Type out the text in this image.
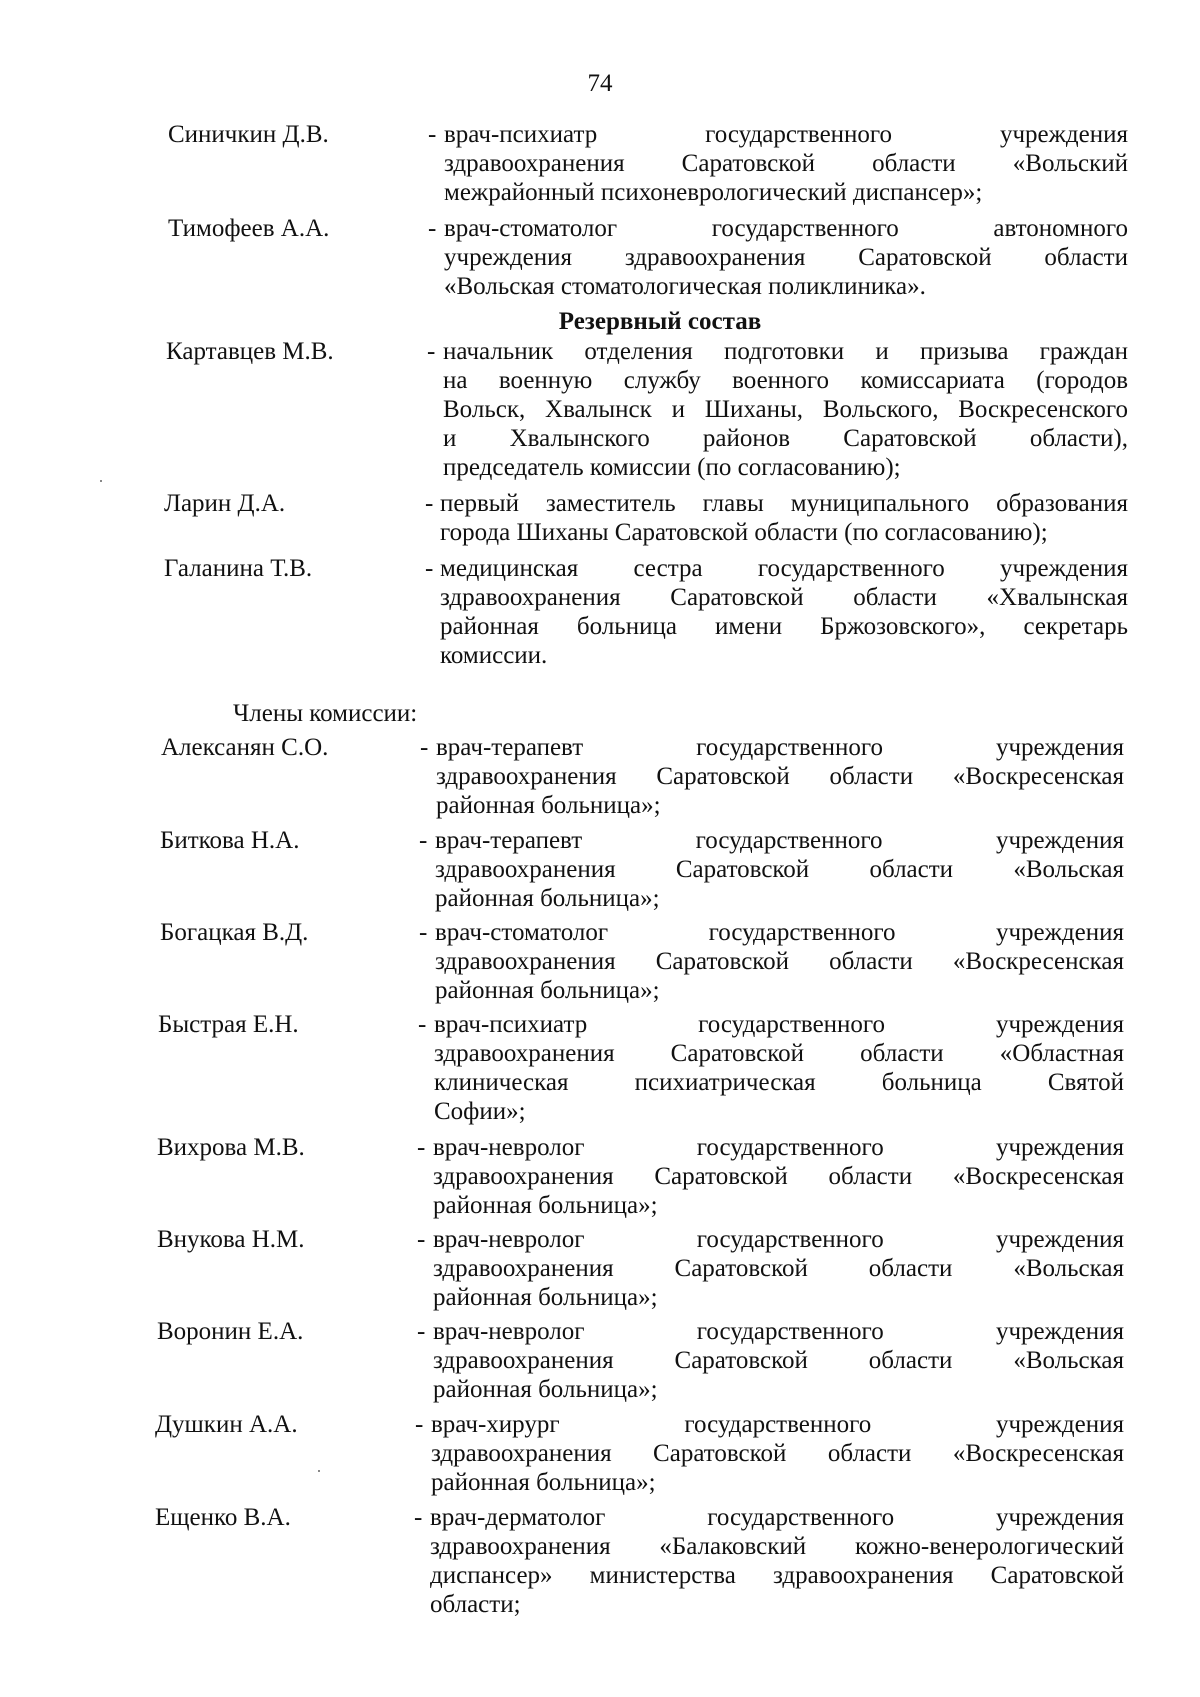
74
Резервный состав
Члены комиссии:
Синичкин Д.В.	- врач-психиатр государственного учреждения
здравоохранения Саратовской области «Вольский
межрайонный психоневрологический диспансер»;
Тимофеев А.А.	- врач-стоматолог государственного автономного
учреждения здравоохранения Саратовской области
«Вольская стоматологическая поликлиника».
Картавцев М.В.	- начальник отделения подготовки и призыва граждан
на военную службу военного комиссариата (городов
Вольск, Хвалынск и Шиханы, Вольского, Воскресенского
и Хвалынского районов Саратовской области),
председатель комиссии (по согласованию);
Ларин Д.А.	- первый заместитель главы муниципального образования
города Шиханы Саратовской области (по согласованию);
Галанина Т.В.	- медицинская сестра государственного учреждения
здравоохранения Саратовской области «Хвалынская
районная больница имени Бржозовского», секретарь
комиссии.
Алексанян С.О.	- врач-терапевт государственного учреждения
здравоохранения Саратовской области «Воскресенская
районная больница»;
Биткова Н.А.	- врач-терапевт государственного учреждения
здравоохранения Саратовской области «Вольская
районная больница»;
Богацкая В.Д.	- врач-стоматолог государственного учреждения
здравоохранения Саратовской области «Воскресенская
районная больница»;
Быстрая Е.Н.	- врач-психиатр государственного учреждения
здравоохранения Саратовской области «Областная
клиническая психиатрическая больница Святой
Софии»;
Вихрова М.В.	- врач-невролог государственного учреждения
здравоохранения Саратовской области «Воскресенская
районная больница»;
Внукова Н.М.	- врач-невролог государственного учреждения
здравоохранения Саратовской области «Вольская
районная больница»;
Воронин Е.А.	- врач-невролог государственного учреждения
здравоохранения Саратовской области «Вольская
районная больница»;
Душкин А.А.	- врач-хирург государственного учреждения
здравоохранения Саратовской области «Воскресенская
районная больница»;
Ещенко В.А.	- врач-дерматолог государственного учреждения
здравоохранения «Балаковский кожно-венерологический
диспансер» министерства здравоохранения Саратовской
области;
